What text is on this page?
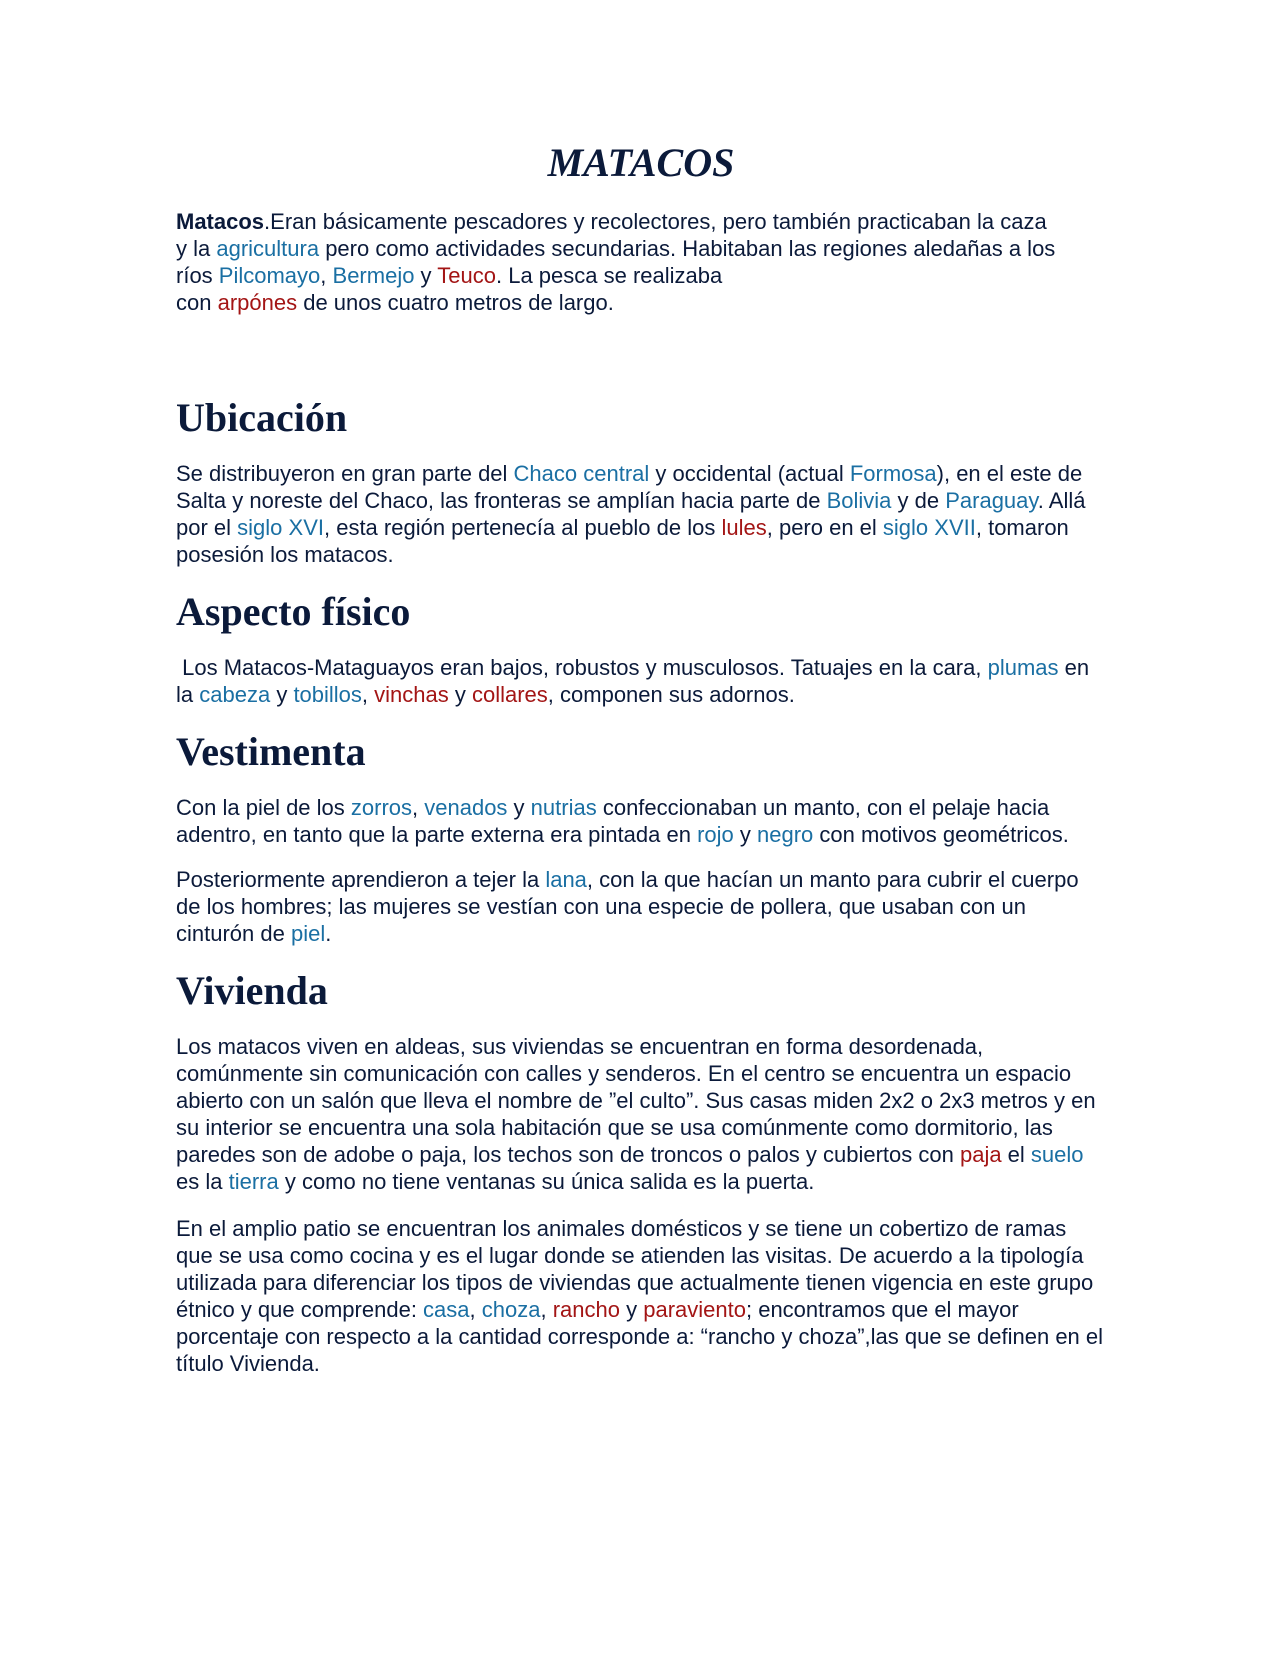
MATACOS

Matacos.Eran básicamente pescadores y recolectores, pero también practicaban la caza y la agricultura pero como actividades secundarias. Habitaban las regiones aledañas a los ríos Pilcomayo, Bermejo y Teuco. La pesca se realizaba
con arpónes de unos cuatro metros de largo.

Ubicación

Se distribuyeron en gran parte del Chaco central y occidental (actual Formosa), en el este de Salta y noreste del Chaco, las fronteras se amplían hacia parte de Bolivia y de Paraguay. Allá por el siglo XVI, esta región pertenecía al pueblo de los lules, pero en el siglo XVII, tomaron posesión los matacos.

Aspecto físico

Los Matacos-Mataguayos eran bajos, robustos y musculosos. Tatuajes en la cara, plumas en la cabeza y tobillos, vinchas y collares, componen sus adornos.

Vestimenta

Con la piel de los zorros, venados y nutrias confeccionaban un manto, con el pelaje hacia adentro, en tanto que la parte externa era pintada en rojo y negro con motivos geométricos.

Posteriormente aprendieron a tejer la lana, con la que hacían un manto para cubrir el cuerpo de los hombres; las mujeres se vestían con una especie de pollera, que usaban con un cinturón de piel.

Vivienda

Los matacos viven en aldeas, sus viviendas se encuentran en forma desordenada, comúnmente sin comunicación con calles y senderos. En el centro se encuentra un espacio abierto con un salón que lleva el nombre de ”el culto”. Sus casas miden 2x2 o 2x3 metros y en su interior se encuentra una sola habitación que se usa comúnmente como dormitorio, las paredes son de adobe o paja, los techos son de troncos o palos y cubiertos con paja el suelo es la tierra y como no tiene ventanas su única salida es la puerta.

En el amplio patio se encuentran los animales domésticos y se tiene un cobertizo de ramas que se usa como cocina y es el lugar donde se atienden las visitas. De acuerdo a la tipología utilizada para diferenciar los tipos de viviendas que actualmente tienen vigencia en este grupo étnico y que comprende: casa, choza, rancho y paraviento; encontramos que el mayor porcentaje con respecto a la cantidad corresponde a: “rancho y choza”,las que se definen en el título Vivienda.
